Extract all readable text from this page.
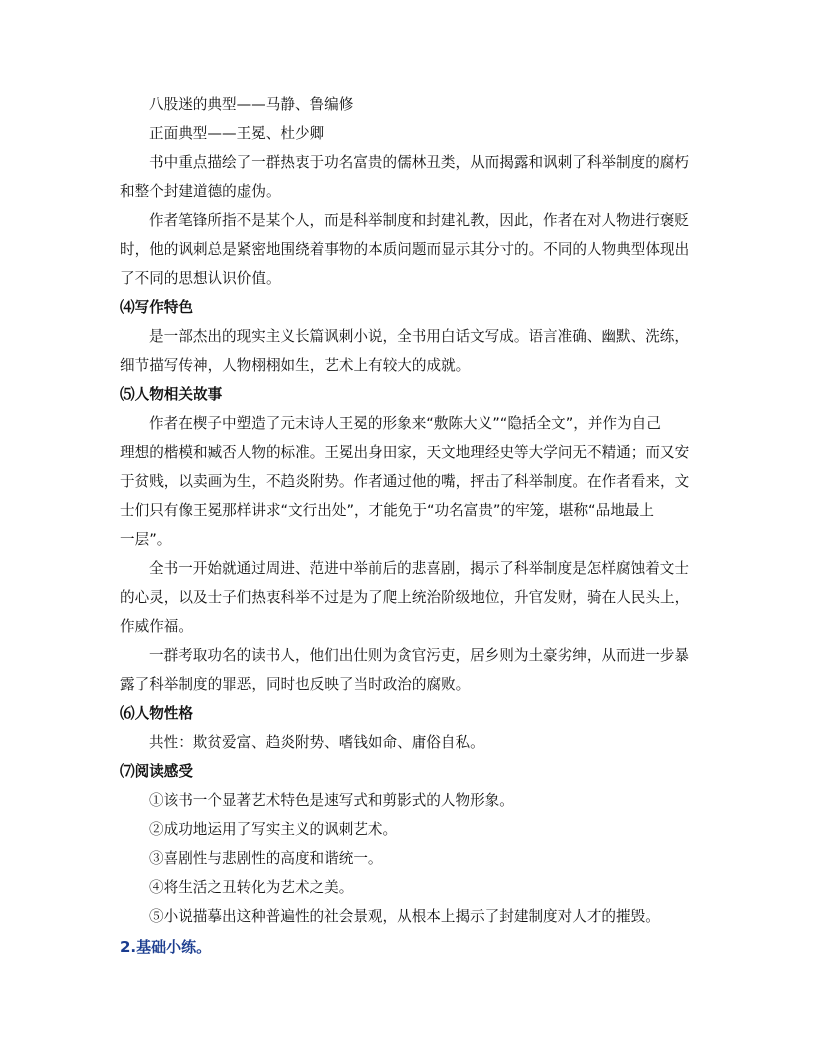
八股迷的典型——马静、鲁编修

正面典型——王冕、杜少卿

书中重点描绘了一群热衷于功名富贵的儒林丑类，从而揭露和讽刺了科举制度的腐朽

和整个封建道德的虚伪。

作者笔锋所指不是某个人，而是科举制度和封建礼教，因此，作者在对人物进行褒贬

时，他的讽刺总是紧密地围绕着事物的本质问题而显示其分寸的。不同的人物典型体现出

了不同的思想认识价值。

⑷写作特色

是一部杰出的现实主义长篇讽刺小说，全书用白话文写成。语言准确、幽默、洗练，

细节描写传神，人物栩栩如生，艺术上有较大的成就。

⑸人物相关故事

作者在楔子中塑造了元末诗人王冕的形象来“敷陈大义”“隐括全文”，并作为自己

理想的楷模和臧否人物的标准。王冕出身田家，天文地理经史等大学问无不精通；而又安

于贫贱，以卖画为生，不趋炎附势。作者通过他的嘴，抨击了科举制度。在作者看来，文

士们只有像王冕那样讲求“文行出处”，才能免于“功名富贵”的牢笼，堪称“品地最上

一层”。

全书一开始就通过周进、范进中举前后的悲喜剧，揭示了科举制度是怎样腐蚀着文士

的心灵，以及士子们热衷科举不过是为了爬上统治阶级地位，升官发财，骑在人民头上，

作威作福。

一群考取功名的读书人，他们出仕则为贪官污吏，居乡则为土豪劣绅，从而进一步暴

露了科举制度的罪恶，同时也反映了当时政治的腐败。

⑹人物性格

共性：欺贫爱富、趋炎附势、嗜钱如命、庸俗自私。

⑺阅读感受

①该书一个显著艺术特色是速写式和剪影式的人物形象。

②成功地运用了写实主义的讽刺艺术。

③喜剧性与悲剧性的高度和谐统一。

④将生活之丑转化为艺术之美。

⑤小说描摹出这种普遍性的社会景观，从根本上揭示了封建制度对人才的摧毁。

2.基础小练。
